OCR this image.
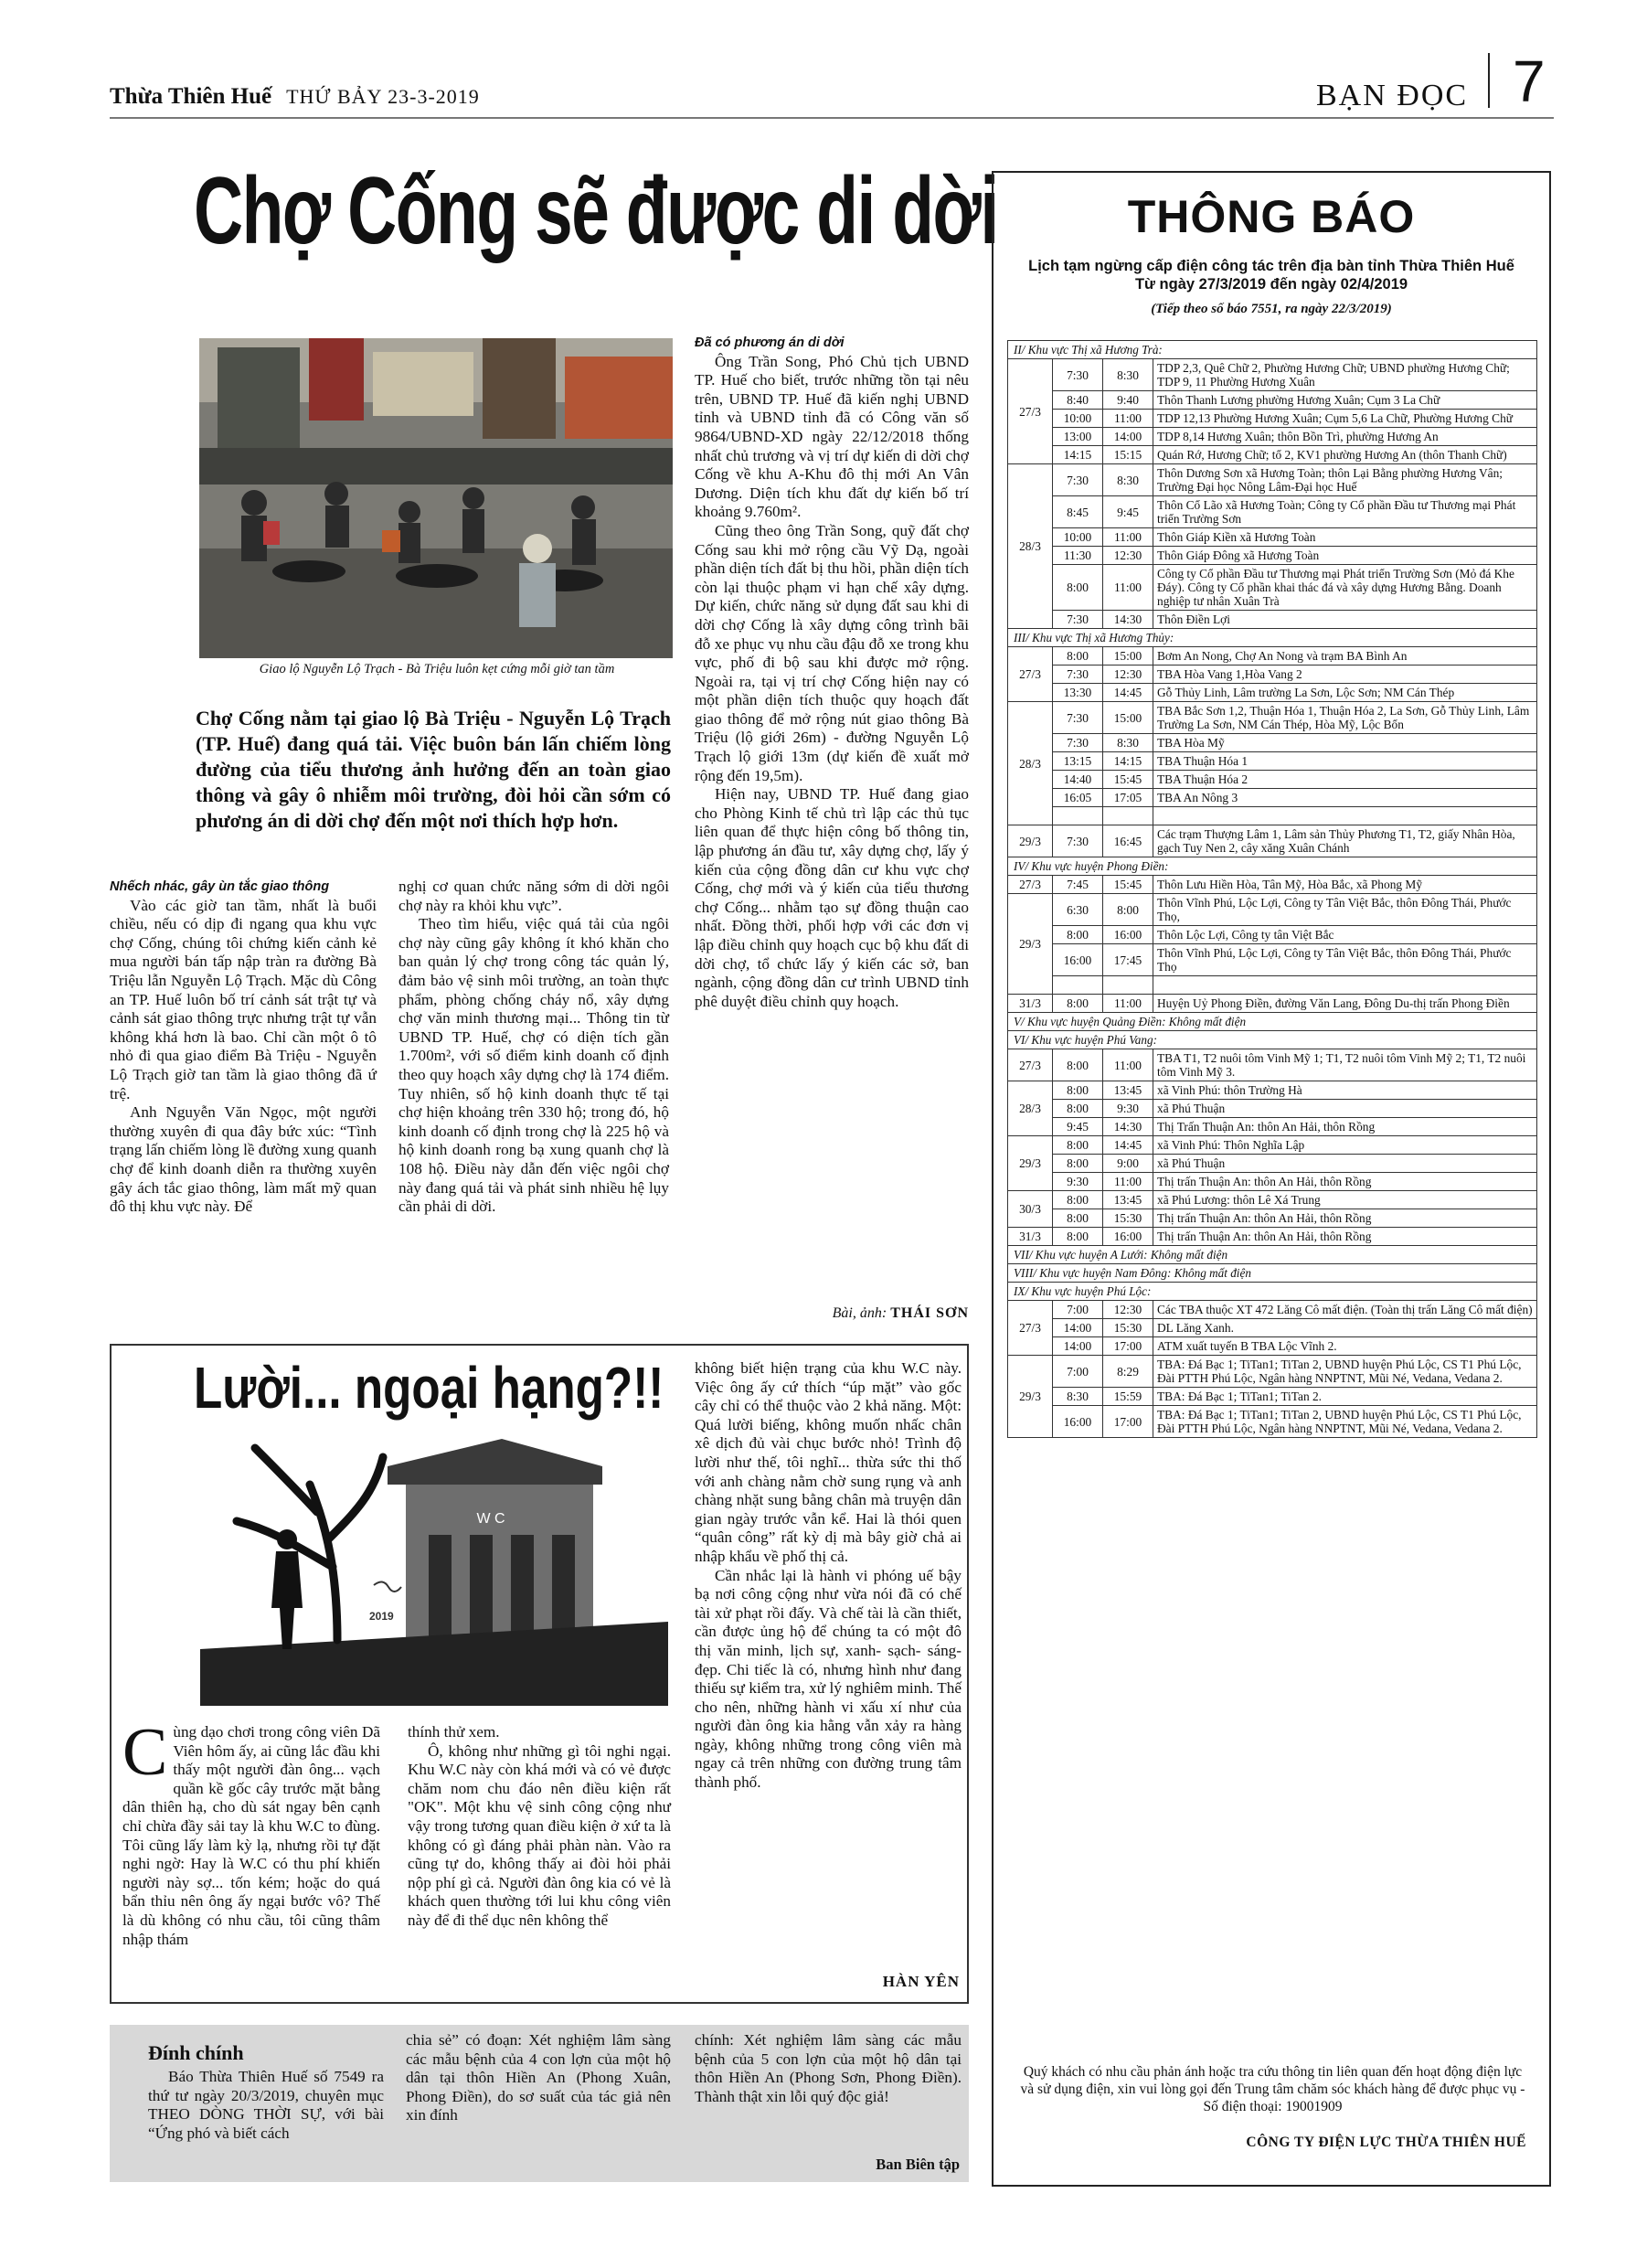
Thừa Thiên Huế THỨ BẢY 23-3-2019	BẠN ĐỌC 7
Chợ Cống sẽ được di dời
Giao lộ Nguyễn Lộ Trạch - Bà Triệu luôn kẹt cứng mỗi giờ tan tầm
Chợ Cống nằm tại giao lộ Bà Triệu - Nguyễn Lộ Trạch (TP. Huế) đang quá tải. Việc buôn bán lấn chiếm lòng đường của tiểu thương ảnh hưởng đến an toàn giao thông và gây ô nhiễm môi trường, đòi hỏi cần sớm có phương án di dời chợ đến một nơi thích hợp hơn.

Nhếch nhác, gây ùn tắc giao thông

Vào các giờ tan tầm, nhất là buổi chiều, nếu có dịp đi ngang qua khu vực chợ Cống, chúng tôi chứng kiến cảnh kẻ mua người bán tấp nập tràn ra đường Bà Triệu lẫn Nguyễn Lộ Trạch. Mặc dù Công an TP. Huế luôn bố trí cảnh sát trật tự và cảnh sát giao thông trực nhưng trật tự vẫn không khá hơn là bao. Chỉ cần một ô tô nhỏ đi qua giao điểm Bà Triệu - Nguyễn Lộ Trạch giờ tan tầm là giao thông đã ứ trệ.

Anh Nguyễn Văn Ngọc, một người thường xuyên đi qua đây bức xúc: “Tình trạng lấn chiếm lòng lề đường xung quanh chợ để kinh doanh diễn ra thường xuyên gây ách tắc giao thông, làm mất mỹ quan đô thị khu vực này. Để

nghị cơ quan chức năng sớm di dời ngôi chợ này ra khỏi khu vực”.

Theo tìm hiểu, việc quá tải của ngôi chợ này cũng gây không ít khó khăn cho ban quản lý chợ trong công tác quản lý, đảm bảo vệ sinh môi trường, an toàn thực phẩm, phòng chống cháy nổ, xây dựng chợ văn minh thương mại... Thông tin từ UBND TP. Huế, chợ có diện tích gần 1.700m², với số điểm kinh doanh cố định theo quy hoạch xây dựng chợ là 174 điểm. Tuy nhiên, số hộ kinh doanh thực tế tại chợ hiện khoảng trên 330 hộ; trong đó, hộ kinh doanh cố định trong chợ là 225 hộ và hộ kinh doanh rong bạ xung quanh chợ là 108 hộ. Điều này dẫn đến việc ngôi chợ này đang quá tải và phát sinh nhiều hệ lụy cần phải di dời.

Đã có phương án di dời

Ông Trần Song, Phó Chủ tịch UBND TP. Huế cho biết, trước những tồn tại nêu trên, UBND TP. Huế đã kiến nghị UBND tỉnh và UBND tỉnh đã có Công văn số 9864/UBND-XD ngày 22/12/2018 thống nhất chủ trương và vị trí dự kiến di dời chợ Cống về khu A-Khu đô thị mới An Vân Dương. Diện tích khu đất dự kiến bố trí khoảng 9.760m².

Cũng theo ông Trần Song, quỹ đất chợ Cống sau khi mở rộng cầu Vỹ Dạ, ngoài phần diện tích đất bị thu hồi, phần diện tích còn lại thuộc phạm vi hạn chế xây dựng. Dự kiến, chức năng sử dụng đất sau khi di dời chợ Cống là xây dựng công trình bãi đỗ xe phục vụ nhu cầu đậu đỗ xe trong khu vực, phố đi bộ sau khi được mở rộng. Ngoài ra, tại vị trí chợ Cống hiện nay có một phần diện tích thuộc quy hoạch đất giao thông để mở rộng nút giao thông Bà Triệu (lộ giới 26m) - đường Nguyễn Lộ Trạch lộ giới 13m (dự kiến đề xuất mở rộng đến 19,5m).

Hiện nay, UBND TP. Huế đang giao cho Phòng Kinh tế chủ trì lập các thủ tục liên quan để thực hiện công bố thông tin, lập phương án đầu tư, xây dựng chợ, lấy ý kiến của cộng đồng dân cư khu vực chợ Cống, chợ mới và ý kiến của tiểu thương chợ Cống... nhằm tạo sự đồng thuận cao nhất. Đồng thời, phối hợp với các đơn vị lập điều chỉnh quy hoạch cục bộ khu đất di dời chợ, tổ chức lấy ý kiến các sở, ban ngành, cộng đồng dân cư trình UBND tỉnh phê duyệt điều chỉnh quy hoạch.

Bài, ảnh: THÁI SƠN
Lười... ngoại hạng?!!
W C
2019

Cùng dạo chơi trong công viên Dã Viên hôm ấy, ai cũng lắc đầu khi thấy một người đàn ông... vạch quần kề gốc cây trước mặt bằng dân thiên hạ, cho dù sát ngay bên cạnh chỉ chừa đầy sải tay là khu W.C to đùng. Tôi cũng lấy làm kỳ lạ, nhưng rồi tự đặt nghi ngờ: Hay là W.C có thu phí khiến người này sợ... tốn kém; hoặc do quá bẩn thỉu nên ông ấy ngại bước vô? Thế là dù không có nhu cầu, tôi cũng thâm nhập thám

thính thử xem.

Ô, không như những gì tôi nghi ngại. Khu W.C này còn khá mới và có vẻ được chăm nom chu đáo nên điều kiện rất "OK". Một khu vệ sinh công cộng như vậy trong tương quan điều kiện ở xứ ta là không có gì đáng phải phàn nàn. Vào ra cũng tự do, không thấy ai đòi hỏi phải nộp phí gì cả. Người đàn ông kia có vẻ là khách quen thường tới lui khu công viên này để đi thể dục nên không thể

không biết hiện trạng của khu W.C này. Việc ông ấy cứ thích “úp mặt” vào gốc cây chỉ có thể thuộc vào 2 khả năng. Một: Quá lười biếng, không muốn nhấc chân xê dịch đủ vài chục bước nhỏ! Trình độ lười như thế, tôi nghĩ... thừa sức thi thố với anh chàng nằm chờ sung rụng và anh chàng nhặt sung bằng chân mà truyện dân gian ngày trước vẫn kể. Hai là thói quen “quân công” rất kỳ dị mà bây giờ chả ai nhập khẩu về phố thị cả.

Cần nhắc lại là hành vi phóng uế bậy bạ nơi công cộng như vừa nói đã có chế tài xử phạt rồi đấy. Và chế tài là cần thiết, cần được ủng hộ để chúng ta có một đô thị văn minh, lịch sự, xanh- sạch- sáng-đẹp. Chi tiếc là có, nhưng hình như đang thiếu sự kiểm tra, xử lý nghiêm minh. Thế cho nên, những hành vi xấu xí như của người đàn ông kia hằng vẫn xảy ra hàng ngày, không những trong công viên mà ngay cả trên những con đường trung tâm thành phố.

HÀN YÊN
Đính chính

Báo Thừa Thiên Huế số 7549 ra thứ tư ngày 20/3/2019, chuyên mục THEO DÒNG THỜI SỰ, với bài “Ứng phó và biết cách

chia sẻ” có đoạn: Xét nghiệm lâm sàng các mẫu bệnh của 4 con lợn của một hộ dân tại thôn Hiền An (Phong Xuân, Phong Điền), do sơ suất của tác giả nên xin đính

chính: Xét nghiệm lâm sàng các mẫu bệnh của 5 con lợn của một hộ dân tại thôn Hiền An (Phong Sơn, Phong Điền). Thành thật xin lỗi quý độc giả!

Ban Biên tập
THÔNG BÁO
Lịch tạm ngừng cấp điện công tác trên địa bàn tỉnh Thừa Thiên Huế
Từ ngày 27/3/2019 đến ngày 02/4/2019
(Tiếp theo số báo 7551, ra ngày 22/3/2019)
II/ Khu vực Thị xã Hương Trà:			
27/3	7:30	8:30	TDP 2,3, Quê Chữ 2, Phường Hương Chữ; UBND phường Hương Chữ; TDP 9, 11 Phường Hương Xuân
	8:40	9:40	Thôn Thanh Lương phường Hương Xuân; Cụm 3 La Chữ
	10:00	11:00	TDP 12,13 Phường Hương Xuân; Cụm 5,6 La Chữ, Phường Hương Chữ
	13:00	14:00	TDP 8,14 Hương Xuân; thôn Bồn Trì, phường Hương An
	14:15	15:15	Quán Rớ, Hương Chữ; tổ 2, KV1 phường Hương An (thôn Thanh Chữ)
28/3	7:30	8:30	Thôn Dương Sơn xã Hương Toàn; thôn Lại Bằng phường Hương Vân; Trường Đại học Nông Lâm-Đại học Huế
	8:45	9:45	Thôn Cổ Lão xã Hương Toàn; Công ty Cổ phần Đầu tư Thương mại Phát triển Trường Sơn
	10:00	11:00	Thôn Giáp Kiền xã Hương Toàn
	11:30	12:30	Thôn Giáp Đông xã Hương Toàn
	8:00	11:00	Công ty Cổ phần Đầu tư Thương mại Phát triển Trường Sơn (Mỏ đá Khe Đáy). Công ty Cổ phần khai thác đá và xây dựng Hương Bằng. Doanh nghiệp tư nhân Xuân Trà
	7:30	14:30	Thôn Điền Lợi
III/ Khu vực Thị xã Hương Thủy:			
27/3	8:00	15:00	Bơm An Nong, Chợ An Nong và trạm BA Bình An
	7:30	12:30	TBA Hòa Vang 1,Hòa Vang 2
	13:30	14:45	Gỗ Thủy Linh, Lâm trường La Sơn, Lộc Sơn; NM Cán Thép
28/3	7:30	15:00	TBA Bắc Sơn 1,2, Thuận Hóa 1, Thuận Hóa 2, La Sơn, Gỗ Thủy Linh, Lâm Trường La Sơn, NM Cán Thép, Hòa Mỹ, Lộc Bổn
	7:30	8:30	TBA Hòa Mỹ
	13:15	14:15	TBA Thuận Hóa 1
	14:40	15:45	TBA Thuận Hóa 2
	16:05	17:05	TBA An Nông 3

29/3	7:30	16:45	Các trạm Thượng Lâm 1, Lâm sản Thủy Phương T1, T2, giấy Nhân Hòa, gạch Tuy Nen 2, cây xăng Xuân Chánh
IV/ Khu vực huyện Phong Điền:			
27/3	7:45	15:45	Thôn Lưu Hiền Hòa, Tân Mỹ, Hòa Bắc, xã Phong Mỹ
29/3	6:30	8:00	Thôn Vĩnh Phú, Lộc Lợi, Công ty Tân Việt Bắc, thôn Đông Thái, Phước Thọ,
	8:00	16:00	Thôn Lộc Lợi, Công ty tân Việt Bắc
	16:00	17:45	Thôn Vĩnh Phú, Lộc Lợi, Công ty Tân Việt Bắc, thôn Đông Thái, Phước Thọ

31/3	8:00	11:00	Huyện Uỷ Phong Điền, đường Văn Lang, Đông Du-thị trấn Phong Điền
V/ Khu vực huyện Quảng Điền: Không mất điện			
VI/ Khu vực huyện Phú Vang:			
27/3	8:00	11:00	TBA T1, T2 nuôi tôm Vinh Mỹ 1; T1, T2 nuôi tôm Vinh Mỹ 2; T1, T2 nuôi tôm Vinh Mỹ 3.
28/3	8:00	13:45	xã Vinh Phú: thôn Trường Hà
	8:00	9:30	xã Phú Thuận
	9:45	14:30	Thị Trấn Thuận An: thôn An Hải, thôn Rồng
29/3	8:00	14:45	xã Vinh Phú: Thôn Nghĩa Lập
	8:00	9:00	xã Phú Thuận
	9:30	11:00	Thị trấn Thuận An: thôn An Hải, thôn Rồng
30/3	8:00	13:45	xã Phú Lương: thôn Lê Xá Trung
	8:00	15:30	Thị trấn Thuận An: thôn An Hải, thôn Rồng
31/3	8:00	16:00	Thị trấn Thuận An: thôn An Hải, thôn Rồng
VII/ Khu vực huyện A Lưới: Không mất điện			
VIII/ Khu vực huyện Nam Đông: Không mất điện			
IX/ Khu vực huyện Phú Lộc:			
27/3	7:00	12:30	Các TBA thuộc XT 472 Lăng Cô mất điện. (Toàn thị trấn Lăng Cô mất điện)
	14:00	15:30	DL Lăng Xanh.
	14:00	17:00	ATM xuất tuyến B TBA Lộc Vĩnh 2.
29/3	7:00	8:29	TBA: Đá Bạc 1; TiTan1; TiTan 2, UBND huyện Phú Lộc, CS T1 Phú Lộc, Đài PTTH Phú Lộc, Ngân hàng NNPTNT, Mũi Né, Vedana, Vedana 2.
	8:30	15:59	TBA: Đá Bạc 1; TiTan1; TiTan 2.
	16:00	17:00	TBA: Đá Bạc 1; TiTan1; TiTan 2, UBND huyện Phú Lộc, CS T1 Phú Lộc, Đài PTTH Phú Lộc, Ngân hàng NNPTNT, Mũi Né, Vedana, Vedana 2.
Quý khách có nhu cầu phản ánh hoặc tra cứu thông tin liên quan đến hoạt động điện lực và sử dụng điện, xin vui lòng gọi đến Trung tâm chăm sóc khách hàng để được phục vụ - Số điện thoại: 19001909
CÔNG TY ĐIỆN LỰC THỪA THIÊN HUẾ
